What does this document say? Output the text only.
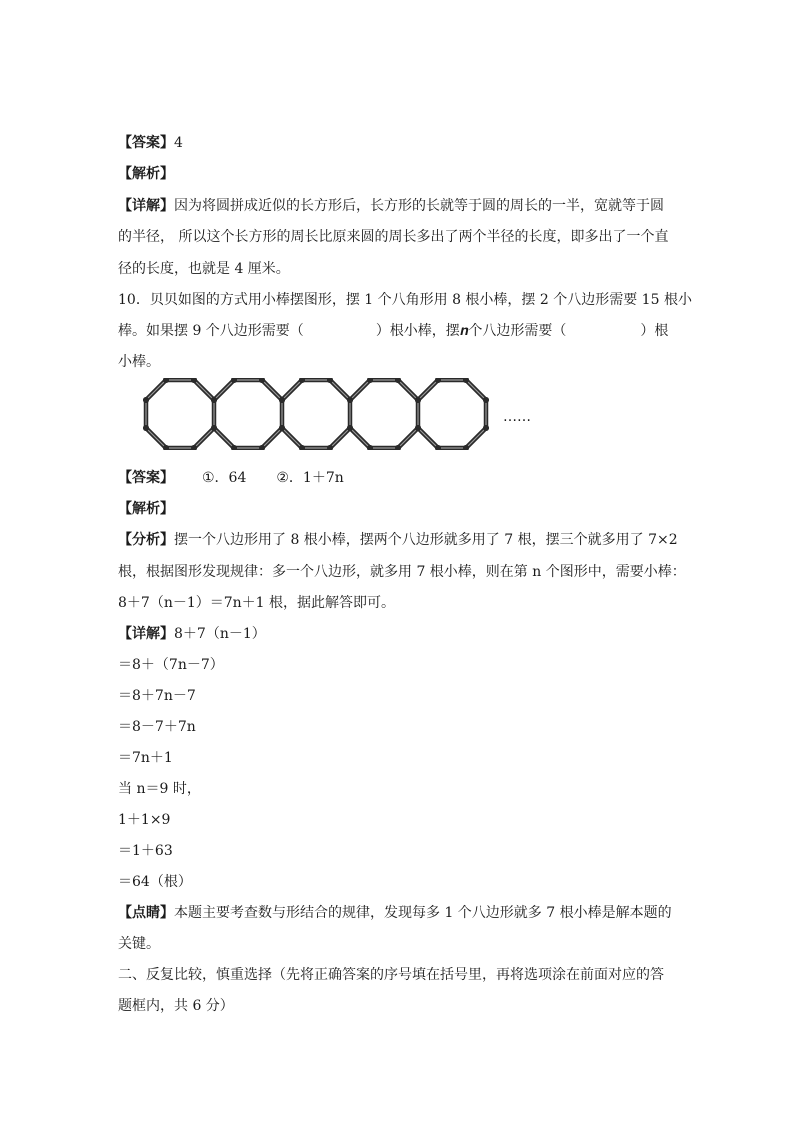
【答案】4
【解析】
【详解】因为将圆拼成近似的长方形后，长方形的长就等于圆的周长的一半，宽就等于圆
的半径， 所以这个长方形的周长比原来圆的周长多出了两个半径的长度，即多出了一个直
径的长度，也就是 4 厘米。
10．贝贝如图的方式用小棒摆图形，摆 1 个八角形用 8 根小棒，摆 2 个八边形需要 15 根小
棒。如果摆 9 个八边形需要（	）根小棒，摆𝒏个八边形需要（	）根
小棒。
……
【答案】 ①．64 ②．1＋7n
【解析】
【分析】摆一个八边形用了 8 根小棒，摆两个八边形就多用了 7 根，摆三个就多用了 7×2
根，根据图形发现规律：多一个八边形，就多用 7 根小棒，则在第 n 个图形中，需要小棒：
8＋7（n－1）＝7n＋1 根，据此解答即可。
【详解】8＋7（n－1）
＝8＋（7n－7）
＝8＋7n－7
＝8－7＋7n
＝7n＋1
当 n＝9 时，
1＋1×9
＝1＋63
＝64（根）
【点睛】本题主要考查数与形结合的规律，发现每多 1 个八边形就多 7 根小棒是解本题的
关键。
二、反复比较，慎重选择（先将正确答案的序号填在括号里，再将选项涂在前面对应的答
题框内，共 6 分）
